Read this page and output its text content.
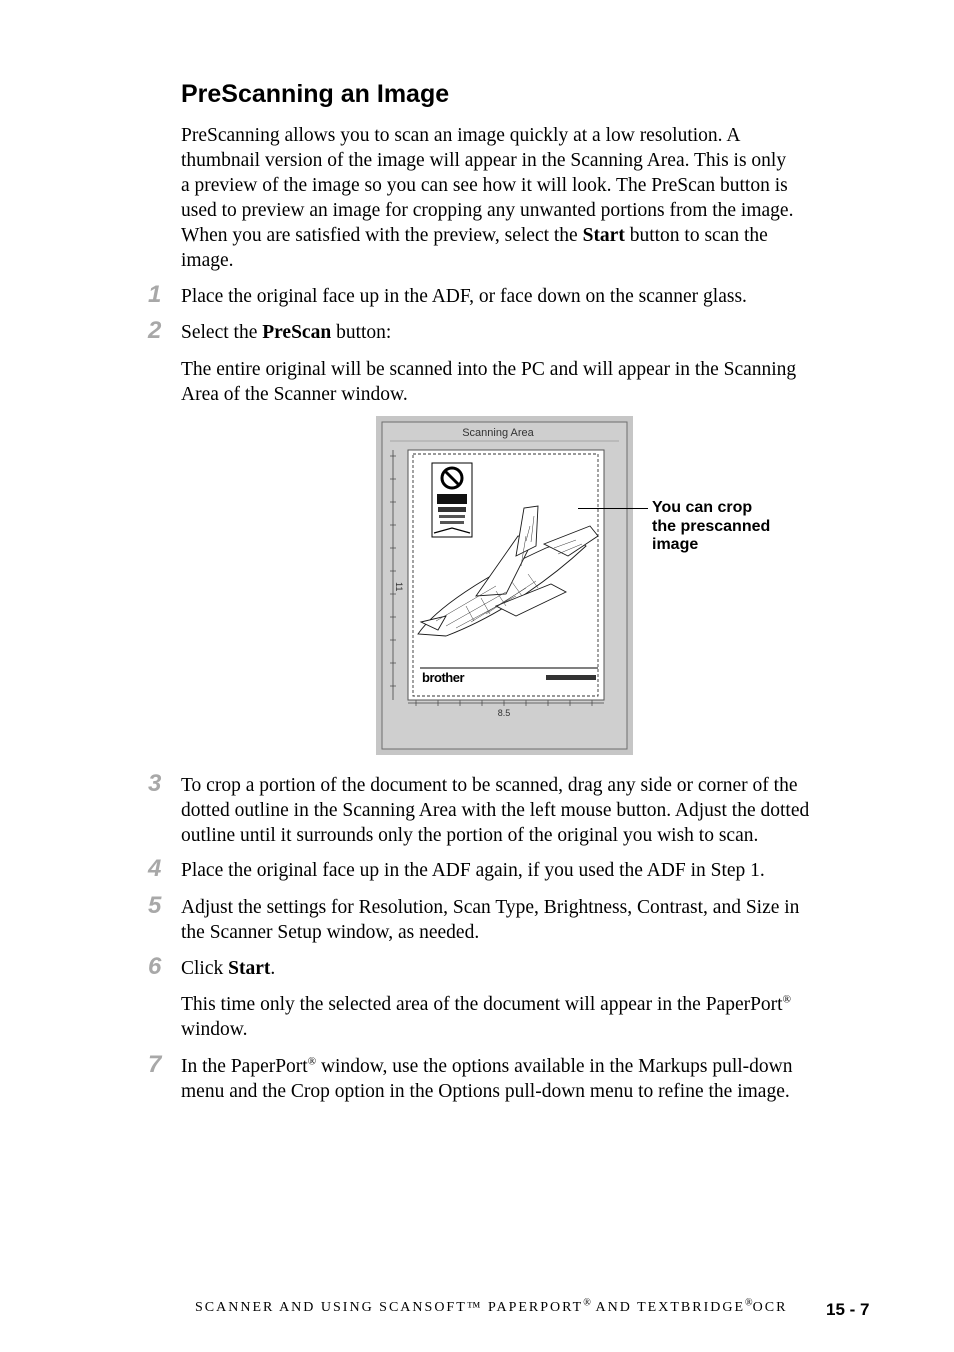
PreScanning an Image
PreScanning allows you to scan an image quickly at a low resolution. A
thumbnail version of the image will appear in the Scanning Area. This is only
a preview of the image so you can see how it will look. The PreScan button is
used to preview an image for cropping any unwanted portions from the image.
When you are satisfied with the preview, select the Start button to scan the
image.
1	Place the original face up in the ADF, or face down on the scanner glass.
2	Select the PreScan button:
The entire original will be scanned into the PC and will appear in the Scanning
Area of the Scanner window.
Scanning Area
11
8.5
brother
You can crop
the prescanned
image
3	To crop a portion of the document to be scanned, drag any side or corner of the
dotted outline in the Scanning Area with the left mouse button. Adjust the dotted
outline until it surrounds only the portion of the original you wish to scan.
4	Place the original face up in the ADF again, if you used the ADF in Step 1.
5	Adjust the settings for Resolution, Scan Type, Brightness, Contrast, and Size in
the Scanner Setup window, as needed.
6	Click Start.
This time only the selected area of the document will appear in the PaperPort®
window.
7	In the PaperPort® window, use the options available in the Markups pull-down
menu and the Crop option in the Options pull-down menu to refine the image.
SCANNER AND USING SCANSOFT™ PAPERPORT® AND TEXTBRIDGE®OCR 15 - 7
